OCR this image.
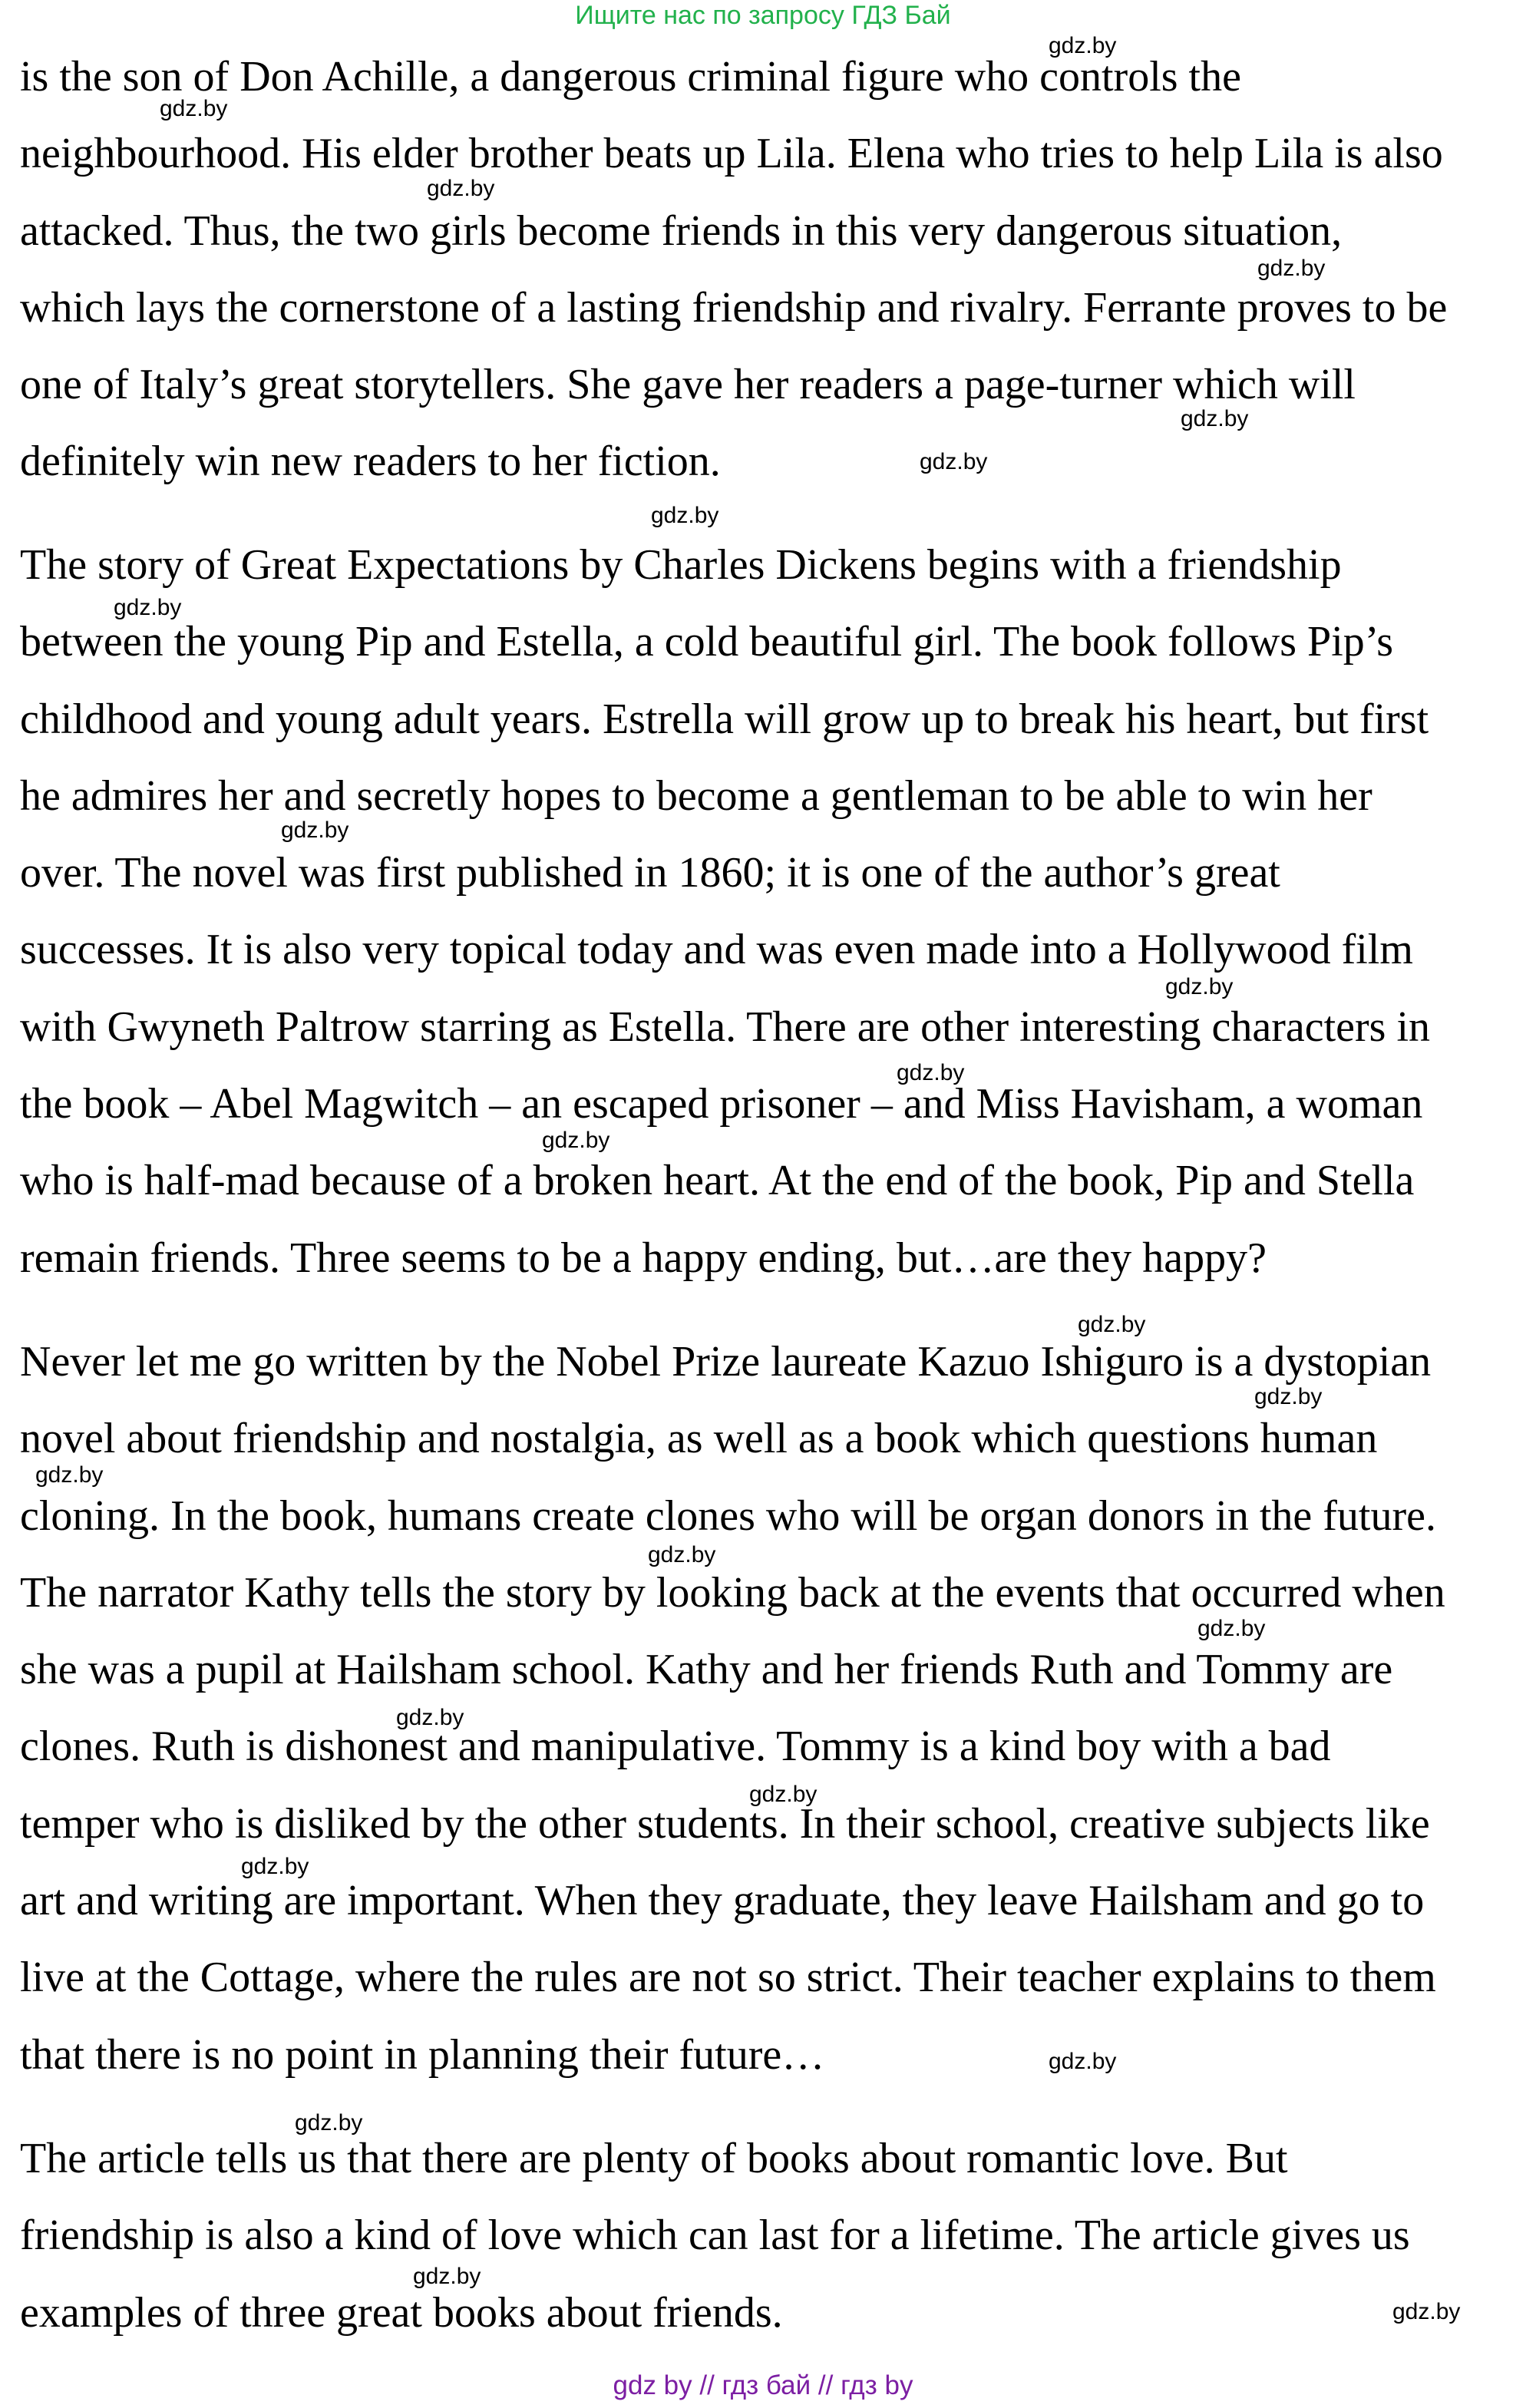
Ищите нас по запросу ГДЗ Бай

is the son of Don Achille, a dangerous criminal figure who controls the
neighbourhood. His elder brother beats up Lila. Elena who tries to help Lila is also
attacked. Thus, the two girls become friends in this very dangerous situation,
which lays the cornerstone of a lasting friendship and rivalry. Ferrante proves to be
one of Italy’s great storytellers. She gave her readers a page-turner which will
definitely win new readers to her fiction.

The story of Great Expectations by Charles Dickens begins with a friendship
between the young Pip and Estella, a cold beautiful girl. The book follows Pip’s
childhood and young adult years. Estrella will grow up to break his heart, but first
he admires her and secretly hopes to become a gentleman to be able to win her
over. The novel was first published in 1860; it is one of the author’s great
successes. It is also very topical today and was even made into a Hollywood film
with Gwyneth Paltrow starring as Estella. There are other interesting characters in
the book – Abel Magwitch – an escaped prisoner – and Miss Havisham, a woman
who is half-mad because of a broken heart. At the end of the book, Pip and Stella
remain friends. Three seems to be a happy ending, but…are they happy?

Never let me go written by the Nobel Prize laureate Kazuo Ishiguro is a dystopian
novel about friendship and nostalgia, as well as a book which questions human
cloning. In the book, humans create clones who will be organ donors in the future.
The narrator Kathy tells the story by looking back at the events that occurred when
she was a pupil at Hailsham school. Kathy and her friends Ruth and Tommy are
clones. Ruth is dishonest and manipulative. Tommy is a kind boy with a bad
temper who is disliked by the other students. In their school, creative subjects like
art and writing are important. When they graduate, they leave Hailsham and go to
live at the Cottage, where the rules are not so strict. Their teacher explains to them
that there is no point in planning their future…

The article tells us that there are plenty of books about romantic love. But
friendship is also a kind of love which can last for a lifetime. The article gives us
examples of three great books about friends.

gdz.by
gdz.by
gdz.by
gdz.by
gdz.by
gdz.by
gdz.by
gdz.by
gdz.by
gdz.by
gdz.by
gdz.by
gdz.by
gdz.by
gdz.by
gdz.by
gdz.by
gdz.by
gdz.by
gdz.by
gdz.by
gdz.by
gdz.by
gdz.by
gdz by // гдз бай // гдз by
